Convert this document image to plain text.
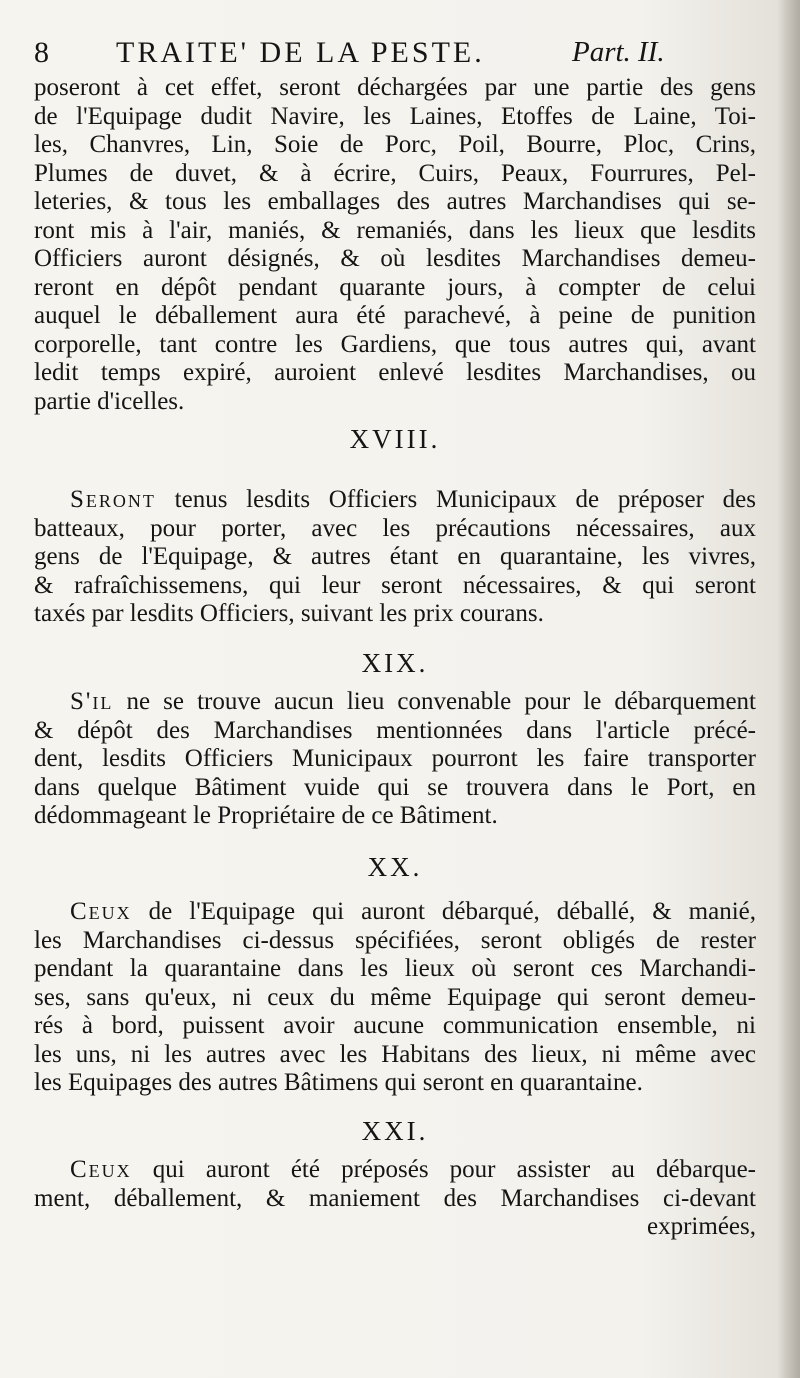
8 TRAITE' DE LA PESTE.	Part. II.
poseront à cet effet, seront déchargées par une partie des gens
de l'Equipage dudit Navire, les Laines, Etoffes de Laine, Toi-
les, Chanvres, Lin, Soie de Porc, Poil, Bourre, Ploc, Crins,
Plumes de duvet, & à écrire, Cuirs, Peaux, Fourrures, Pel-
leteries, & tous les emballages des autres Marchandises qui se-
ront mis à l'air, maniés, & remaniés, dans les lieux que lesdits
Officiers auront désignés, & où lesdites Marchandises demeu-
reront en dépôt pendant quarante jours, à compter de celui
auquel le déballement aura été parachevé, à peine de punition
corporelle, tant contre les Gardiens, que tous autres qui, avant
ledit temps expiré, auroient enlevé lesdites Marchandises, ou
partie d'icelles.
XVIII.
Seront tenus lesdits Officiers Municipaux de préposer des
batteaux, pour porter, avec les précautions nécessaires, aux
gens de l'Equipage, & autres étant en quarantaine, les vivres,
& rafraîchissemens, qui leur seront nécessaires, & qui seront
taxés par lesdits Officiers, suivant les prix courans.
XIX.
S'il ne se trouve aucun lieu convenable pour le débarquement
& dépôt des Marchandises mentionnées dans l'article précé-
dent, lesdits Officiers Municipaux pourront les faire transporter
dans quelque Bâtiment vuide qui se trouvera dans le Port, en
dédommageant le Propriétaire de ce Bâtiment.
XX.
Ceux de l'Equipage qui auront débarqué, déballé, & manié,
les Marchandises ci-dessus spécifiées, seront obligés de rester
pendant la quarantaine dans les lieux où seront ces Marchandi-
ses, sans qu'eux, ni ceux du même Equipage qui seront demeu-
rés à bord, puissent avoir aucune communication ensemble, ni
les uns, ni les autres avec les Habitans des lieux, ni même avec
les Equipages des autres Bâtimens qui seront en quarantaine.
XXI.
Ceux qui auront été préposés pour assister au débarque-
ment, déballement, & maniement des Marchandises ci-devant
exprimées,
